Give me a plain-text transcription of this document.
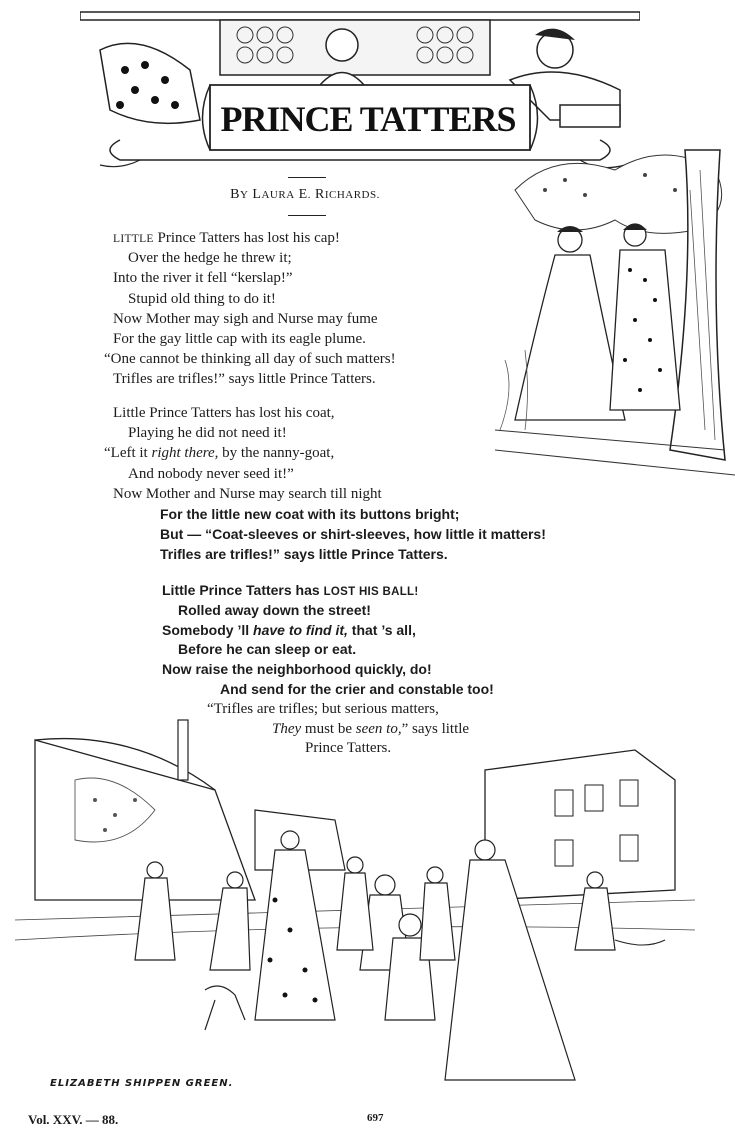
PRINCE TATTERS
BY LAURA E. RICHARDS.
LITTLE Prince Tatters has lost his cap!
Over the hedge he threw it;
Into the river it fell “kerslap!”
Stupid old thing to do it!
Now Mother may sigh and Nurse may fume
For the gay little cap with its eagle plume.
“One cannot be thinking all day of such matters!
Trifles are trifles!” says little Prince Tatters.
Little Prince Tatters has lost his coat,
Playing he did not need it!
“Left it right there, by the nanny-goat,
And nobody never seed it!”
Now Mother and Nurse may search till night
For the little new coat with its buttons bright;
But — “Coat-sleeves or shirt-sleeves, how little it matters!
Trifles are trifles!” says little Prince Tatters.
Little Prince Tatters has LOST HIS BALL!
Rolled away down the street!
Somebody ’ll have to find it, that ’s all,
Before he can sleep or eat.
Now raise the neighborhood quickly, do!
And send for the crier and constable too!
“Trifles are trifles; but serious matters,
They must be seen to,” says little
Prince Tatters.
ELIZABETH SHIPPEN GREEN.
Vol. XXV. — 88.	697
